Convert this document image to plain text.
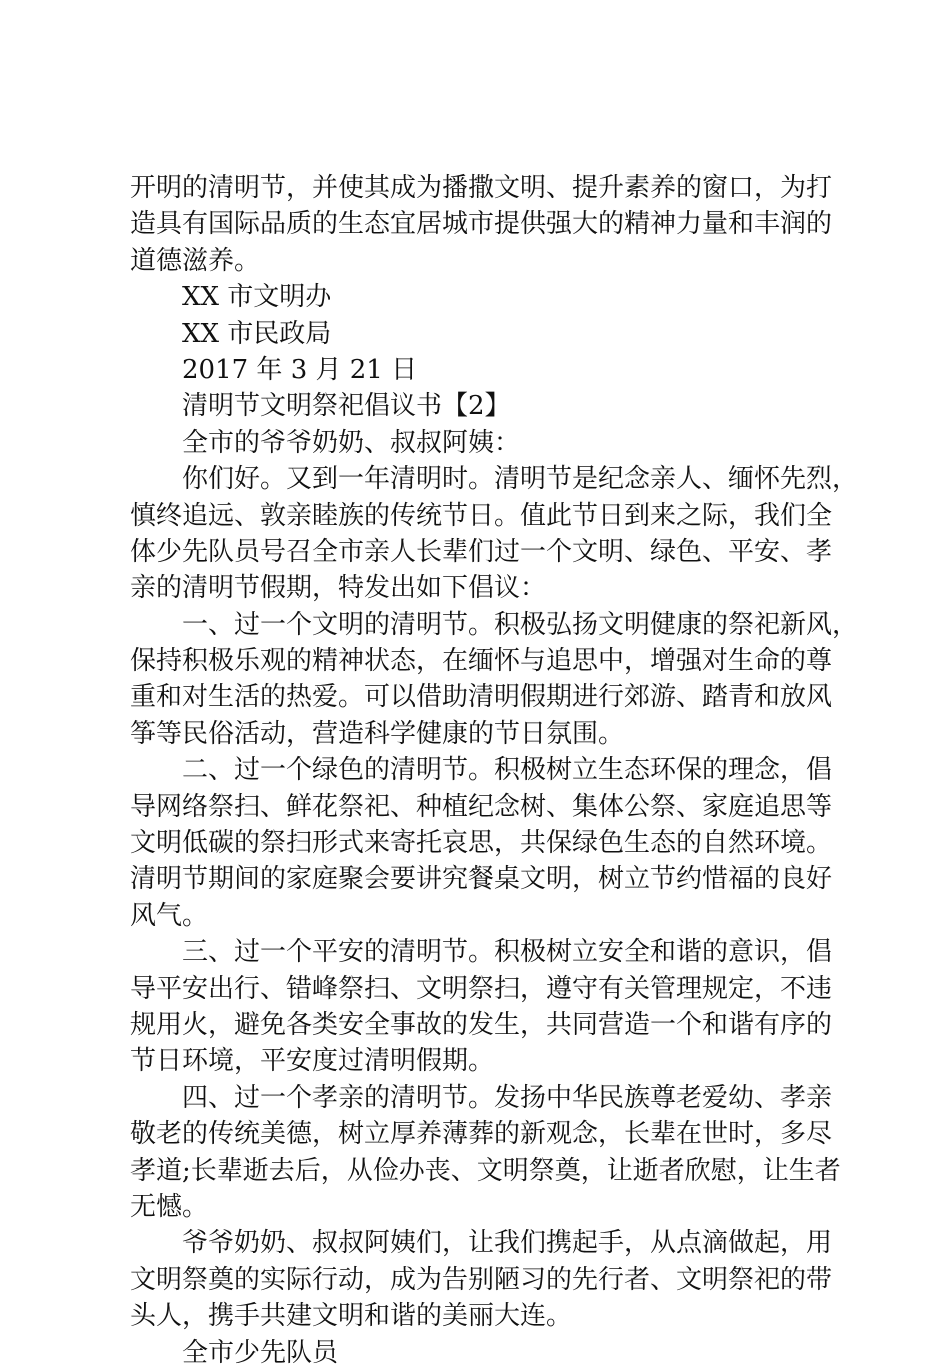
开明的清明节，并使其成为播撒文明、提升素养的窗口，为打
造具有国际品质的生态宜居城市提供强大的精神力量和丰润的
道德滋养。
XX 市文明办
XX 市民政局
2017 年 3 月 21 日
清明节文明祭祀倡议书【2】
全市的爷爷奶奶、叔叔阿姨：
你们好。又到一年清明时。清明节是纪念亲人、缅怀先烈，
慎终追远、敦亲睦族的传统节日。值此节日到来之际，我们全
体少先队员号召全市亲人长辈们过一个文明、绿色、平安、孝
亲的清明节假期，特发出如下倡议：
一、过一个文明的清明节。积极弘扬文明健康的祭祀新风，
保持积极乐观的精神状态，在缅怀与追思中，增强对生命的尊
重和对生活的热爱。可以借助清明假期进行郊游、踏青和放风
筝等民俗活动，营造科学健康的节日氛围。
二、过一个绿色的清明节。积极树立生态环保的理念，倡
导网络祭扫、鲜花祭祀、种植纪念树、集体公祭、家庭追思等
文明低碳的祭扫形式来寄托哀思，共保绿色生态的自然环境。
清明节期间的家庭聚会要讲究餐桌文明，树立节约惜福的良好
风气。
三、过一个平安的清明节。积极树立安全和谐的意识，倡
导平安出行、错峰祭扫、文明祭扫，遵守有关管理规定，不违
规用火，避免各类安全事故的发生，共同营造一个和谐有序的
节日环境，平安度过清明假期。
四、过一个孝亲的清明节。发扬中华民族尊老爱幼、孝亲
敬老的传统美德，树立厚养薄葬的新观念，长辈在世时，多尽
孝道;长辈逝去后，从俭办丧、文明祭奠，让逝者欣慰，让生者
无憾。
爷爷奶奶、叔叔阿姨们，让我们携起手，从点滴做起，用
文明祭奠的实际行动，成为告别陋习的先行者、文明祭祀的带
头人，携手共建文明和谐的美丽大连。
全市少先队员
